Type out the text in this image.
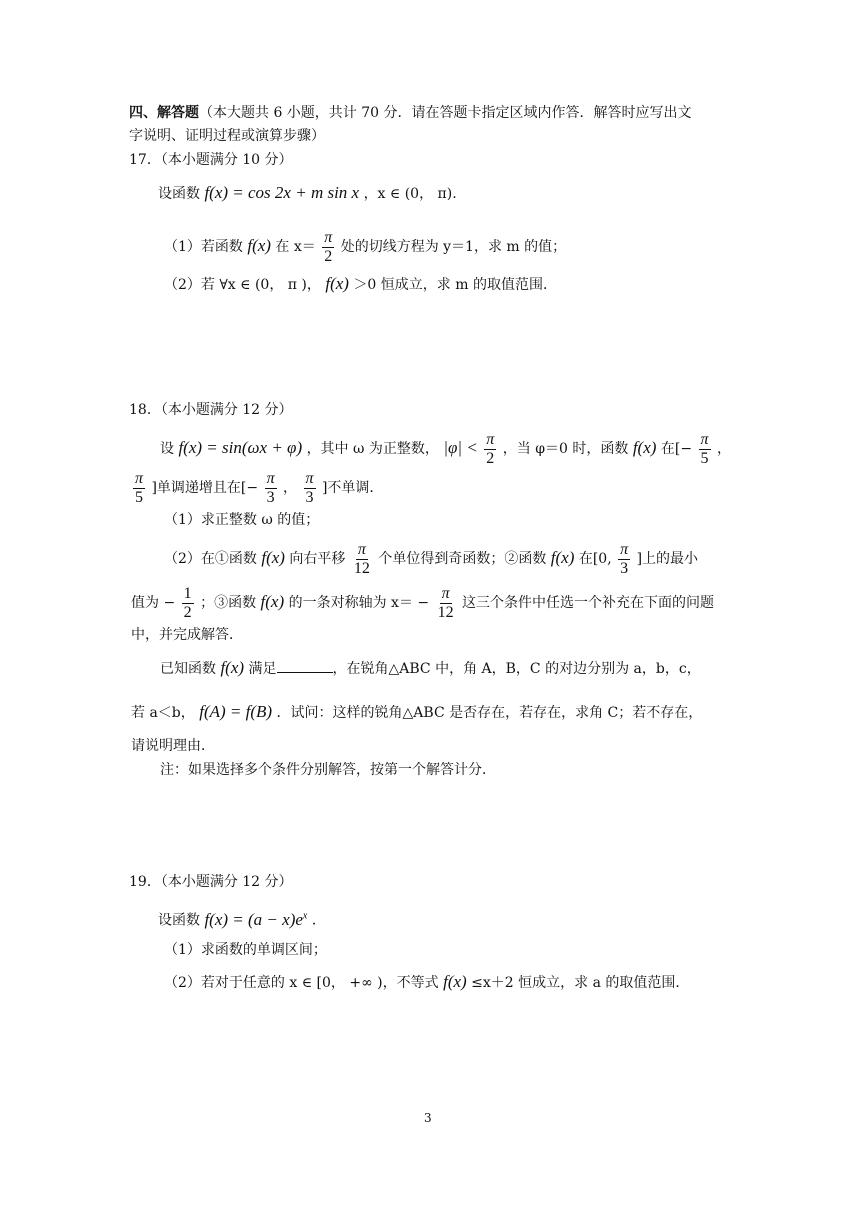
四、解答题（本大题共 6 小题，共计 70 分．请在答题卡指定区域内作答．解答时应写出文
字说明、证明过程或演算步骤）
17．（本小题满分 10 分）
设函数 f(x) = cos 2x + m sin x ，x ∈ (0， π).
（1）若函数 f(x) 在 $x= \frac{\pi}{2}$ 处的切线方程为 y＝1，求 m 的值；
（2）若 ∀x ∈ (0， π )， f(x) ＞0 恒成立，求 m 的取值范围．
18．（本小题满分 12 分）
设 f(x) = sin(ωx + φ) ，其中 ω 为正整数， $|\varphi| < \frac{\pi}{2}$ ，当 φ＝0 时，函数 f(x) 在[− $\frac{\pi}{5}$ ，
$\frac{\pi}{5}$ ]单调递增且在[− $\frac{\pi}{3}$ ， $\frac{\pi}{3}$ ]不单调．
（1）求正整数 ω 的值；
（2）在①函数 f(x) 向右平移 $\frac{\pi}{12}$ 个单位得到奇函数；②函数 f(x) 在[0, $\frac{\pi}{3}$ ]上的最小
值为 − $\frac{1}{2}$ ；③函数 f(x) 的一条对称轴为 $x= - \frac{\pi}{12}$ 这三个条件中任选一个补充在下面的问题
中，并完成解答．
已知函数 f(x) 满足	，在锐角△ABC 中，角 A，B，C 的对边分别为 a，b，c，
若 a＜b， f(A) = f(B) ．试问：这样的锐角△ABC 是否存在，若存在，求角 C；若不存在，
请说明理由．
注：如果选择多个条件分别解答，按第一个解答计分．
19．（本小题满分 12 分）
设函数 $f(x) = (a - x)e^x$ ．
（1）求函数的单调区间；
（2）若对于任意的 x ∈ [0， +∞ )，不等式 f(x) ≤x＋2 恒成立，求 a 的取值范围．
3
